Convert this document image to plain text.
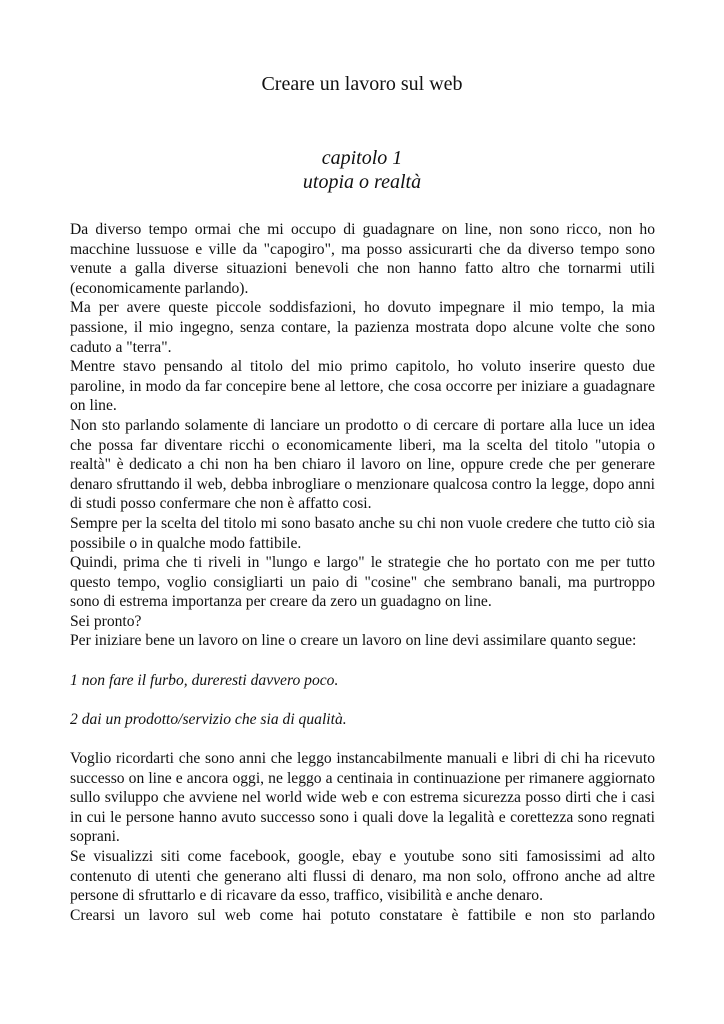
Creare un lavoro sul web
capitolo 1
utopia o realtà

Da diverso tempo ormai che mi occupo di guadagnare on line, non sono ricco, non ho macchine lussuose e ville da "capogiro", ma posso assicurarti che da diverso tempo sono venute a galla diverse situazioni benevoli che non hanno fatto altro che tornarmi utili (economicamente parlando).

Ma per avere queste piccole soddisfazioni, ho dovuto impegnare il mio tempo, la mia passione, il mio ingegno, senza contare, la pazienza mostrata dopo alcune volte che sono caduto a "terra".

Mentre stavo pensando al titolo del mio primo capitolo, ho voluto inserire questo due paroline, in modo da far concepire bene al lettore, che cosa occorre per iniziare a guadagnare on line.

Non sto parlando solamente di lanciare un prodotto o di cercare di portare alla luce un idea che possa far diventare ricchi o economicamente liberi, ma la scelta del titolo "utopia o realtà" è dedicato a chi non ha ben chiaro il lavoro on line, oppure crede che per generare denaro sfruttando il web, debba inbrogliare o menzionare qualcosa contro la legge, dopo anni di studi posso confermare che non è affatto cosi.

Sempre per la scelta del titolo mi sono basato anche su chi non vuole credere che tutto ciò sia possibile o in qualche modo fattibile.

Quindi, prima che ti riveli in "lungo e largo" le strategie che ho portato con me per tutto questo tempo, voglio consigliarti un paio di "cosine" che sembrano banali, ma purtroppo sono di estrema importanza per creare da zero un guadagno on line.

Sei pronto?

Per iniziare bene un lavoro on line o creare un lavoro on line devi assimilare quanto segue:

1 non fare il furbo, dureresti davvero poco.

2 dai un prodotto/servizio che sia di qualità.

Voglio ricordarti che sono anni che leggo instancabilmente manuali e libri di chi ha ricevuto successo on line e ancora oggi, ne leggo a centinaia in continuazione per rimanere aggiornato sullo sviluppo che avviene nel world wide web e con estrema sicurezza posso dirti che i casi in cui le persone hanno avuto successo sono i quali dove la legalità e corettezza sono regnati soprani.

Se visualizzi siti come facebook, google, ebay e youtube sono siti famosissimi ad alto contenuto di utenti che generano alti flussi di denaro, ma non solo, offrono anche ad altre persone di sfruttarlo e di ricavare da esso, traffico, visibilità e anche denaro.

Crearsi un lavoro sul web come hai potuto constatare è fattibile e non sto parlando
